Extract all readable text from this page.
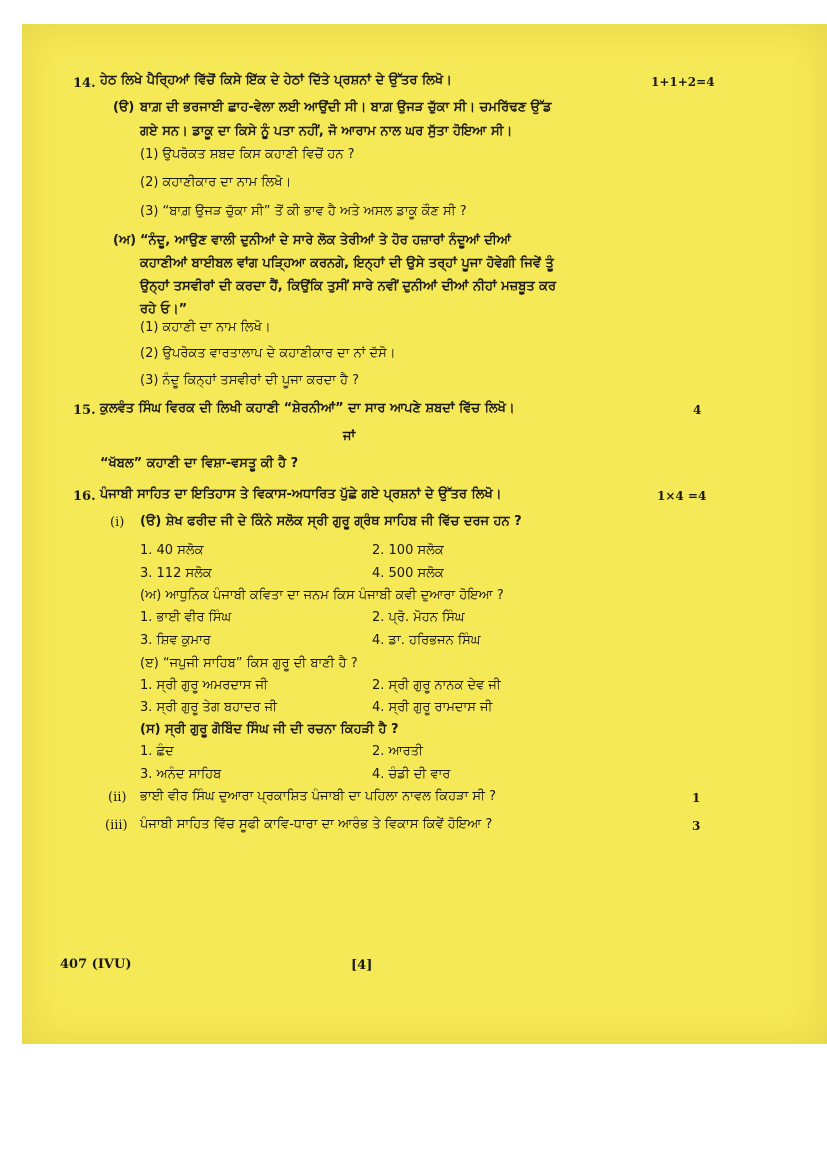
14. ਹੇਠ ਲਿਖੇ ਪੈਰ੍ਹਿਆਂ ਵਿੱਚੋਂ ਕਿਸੇ ਇੱਕ ਦੇ ਹੇਠਾਂ ਦਿੱਤੇ ਪ੍ਰਸ਼ਨਾਂ ਦੇ ਉੱਤਰ ਲਿਖੋ।	1+1+2=4
(ੳ) ਬਾਗ਼ ਦੀ ਭਰਜਾਈ ਛਾਹ-ਵੇਲਾ ਲਈ ਆਉਂਦੀ ਸੀ। ਬਾਗ਼ ਉਜੜ ਚੁੱਕਾ ਸੀ। ਚਮਰਿੱਢਣ ਉੱਡ
ਗਏ ਸਨ। ਡਾਕੂ ਦਾ ਕਿਸੇ ਨੂੰ ਪਤਾ ਨਹੀਂ, ਜੋ ਆਰਾਮ ਨਾਲ ਘਰ ਸੁੱਤਾ ਹੋਇਆ ਸੀ।
(1) ਉਪਰੋਕਤ ਸ਼ਬਦ ਕਿਸ ਕਹਾਣੀ ਵਿਚੋਂ ਹਨ ?
(2) ਕਹਾਣੀਕਾਰ ਦਾ ਨਾਮ ਲਿਖੋ।
(3) “ਬਾਗ਼ ਉਜੜ ਚੁੱਕਾ ਸੀ” ਤੋਂ ਕੀ ਭਾਵ ਹੈ ਅਤੇ ਅਸਲ ਡਾਕੂ ਕੌਣ ਸੀ ?
(ਅ) “ਨੰਦੂ, ਆਉਣ ਵਾਲੀ ਦੁਨੀਆਂ ਦੇ ਸਾਰੇ ਲੋਕ ਤੇਰੀਆਂ ਤੇ ਹੋਰ ਹਜ਼ਾਰਾਂ ਨੰਦੂਆਂ ਦੀਆਂ
ਕਹਾਣੀਆਂ ਬਾਈਬਲ ਵਾਂਗ ਪੜ੍ਹਿਆ ਕਰਨਗੇ, ਇਨ੍ਹਾਂ ਦੀ ਉਸੇ ਤਰ੍ਹਾਂ ਪੂਜਾ ਹੋਵੇਗੀ ਜਿਵੇਂ ਤੂੰ
ਉਨ੍ਹਾਂ ਤਸਵੀਰਾਂ ਦੀ ਕਰਦਾ ਹੈਂ, ਕਿਉਂਕਿ ਤੁਸੀਂ ਸਾਰੇ ਨਵੀਂ ਦੁਨੀਆਂ ਦੀਆਂ ਨੀਹਾਂ ਮਜ਼ਬੂਤ ਕਰ
ਰਹੇ ਓ।”
(1) ਕਹਾਣੀ ਦਾ ਨਾਮ ਲਿਖੋ।
(2) ਉਪਰੋਕਤ ਵਾਰਤਾਲਾਪ ਦੇ ਕਹਾਣੀਕਾਰ ਦਾ ਨਾਂ ਦੱਸੋ।
(3) ਨੰਦੂ ਕਿਨ੍ਹਾਂ ਤਸਵੀਰਾਂ ਦੀ ਪੂਜਾ ਕਰਦਾ ਹੈ ?
15. ਕੁਲਵੰਤ ਸਿੰਘ ਵਿਰਕ ਦੀ ਲਿਖੀ ਕਹਾਣੀ “ਸ਼ੇਰਨੀਆਂ” ਦਾ ਸਾਰ ਆਪਣੇ ਸ਼ਬਦਾਂ ਵਿੱਚ ਲਿਖੋ।	4
ਜਾਂ
“ਖੱਬਲ” ਕਹਾਣੀ ਦਾ ਵਿਸ਼ਾ-ਵਸਤੂ ਕੀ ਹੈ ?
16. ਪੰਜਾਬੀ ਸਾਹਿਤ ਦਾ ਇਤਿਹਾਸ ਤੇ ਵਿਕਾਸ-ਅਧਾਰਿਤ ਪੁੱਛੇ ਗਏ ਪ੍ਰਸ਼ਨਾਂ ਦੇ ਉੱਤਰ ਲਿਖੋ।	1×4 =4
(i) (ੳ) ਸ਼ੇਖ ਫਰੀਦ ਜੀ ਦੇ ਕਿੰਨੇ ਸਲੋਕ ਸ੍ਰੀ ਗੁਰੂ ਗ੍ਰੰਥ ਸਾਹਿਬ ਜੀ ਵਿੱਚ ਦਰਜ ਹਨ ?
1. 40 ਸਲੋਕ	2. 100 ਸਲੋਕ
3. 112 ਸਲੋਕ	4. 500 ਸਲੋਕ
(ਅ) ਆਧੁਨਿਕ ਪੰਜਾਬੀ ਕਵਿਤਾ ਦਾ ਜਨਮ ਕਿਸ ਪੰਜਾਬੀ ਕਵੀ ਦੁਆਰਾ ਹੋਇਆ ?
1. ਭਾਈ ਵੀਰ ਸਿੰਘ	2. ਪ੍ਰੋ. ਮੋਹਨ ਸਿੰਘ
3. ਸ਼ਿਵ ਕੁਮਾਰ	4. ਡਾ. ਹਰਿਭਜਨ ਸਿੰਘ
(ੲ) “ਜਪੁਜੀ ਸਾਹਿਬ” ਕਿਸ ਗੁਰੂ ਦੀ ਬਾਣੀ ਹੈ ?
1. ਸ੍ਰੀ ਗੁਰੂ ਅਮਰਦਾਸ ਜੀ	2. ਸ੍ਰੀ ਗੁਰੂ ਨਾਨਕ ਦੇਵ ਜੀ
3. ਸ੍ਰੀ ਗੁਰੂ ਤੇਗ ਬਹਾਦਰ ਜੀ	4. ਸ੍ਰੀ ਗੁਰੂ ਰਾਮਦਾਸ ਜੀ
(ਸ) ਸ੍ਰੀ ਗੁਰੂ ਗੋਬਿੰਦ ਸਿੰਘ ਜੀ ਦੀ ਰਚਨਾ ਕਿਹੜੀ ਹੈ ?
1. ਛੰਦ	2. ਆਰਤੀ
3. ਅਨੰਦ ਸਾਹਿਬ	4. ਚੰਡੀ ਦੀ ਵਾਰ
(ii) ਭਾਈ ਵੀਰ ਸਿੰਘ ਦੁਆਰਾ ਪ੍ਰਕਾਸ਼ਿਤ ਪੰਜਾਬੀ ਦਾ ਪਹਿਲਾ ਨਾਵਲ ਕਿਹੜਾ ਸੀ ?	1
(iii) ਪੰਜਾਬੀ ਸਾਹਿਤ ਵਿੱਚ ਸੂਫੀ ਕਾਵਿ-ਧਾਰਾ ਦਾ ਆਰੰਭ ਤੇ ਵਿਕਾਸ ਕਿਵੇਂ ਹੋਇਆ ?	3
407 (IVU)	[4]
